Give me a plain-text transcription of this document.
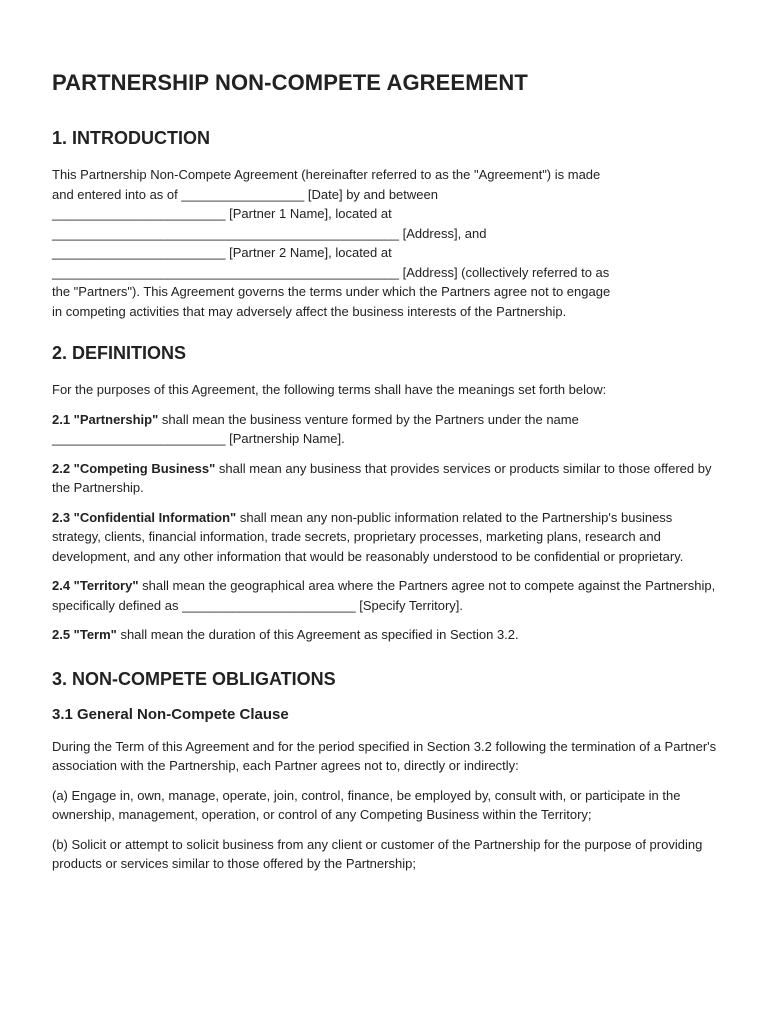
PARTNERSHIP NON-COMPETE AGREEMENT
1. INTRODUCTION

This Partnership Non-Compete Agreement (hereinafter referred to as the "Agreement") is made

and entered into as of _________________ [Date] by and between

________________________ [Partner 1 Name], located at

________________________________________________ [Address], and

________________________ [Partner 2 Name], located at

________________________________________________ [Address] (collectively referred to as

the "Partners"). This Agreement governs the terms under which the Partners agree not to engage

in competing activities that may adversely affect the business interests of the Partnership.

2. DEFINITIONS

For the purposes of this Agreement, the following terms shall have the meanings set forth below:

2.1 "Partnership" shall mean the business venture formed by the Partners under the name ________________________ [Partnership Name].

2.2 "Competing Business" shall mean any business that provides services or products similar to those offered by the Partnership.

2.3 "Confidential Information" shall mean any non-public information related to the Partnership's business strategy, clients, financial information, trade secrets, proprietary processes, marketing plans, research and development, and any other information that would be reasonably understood to be confidential or proprietary.

2.4 "Territory" shall mean the geographical area where the Partners agree not to compete against the Partnership, specifically defined as ________________________ [Specify Territory].

2.5 "Term" shall mean the duration of this Agreement as specified in Section 3.2.

3. NON-COMPETE OBLIGATIONS
3.1 General Non-Compete Clause

During the Term of this Agreement and for the period specified in Section 3.2 following the termination of a Partner's association with the Partnership, each Partner agrees not to, directly or indirectly:

(a) Engage in, own, manage, operate, join, control, finance, be employed by, consult with, or participate in the ownership, management, operation, or control of any Competing Business within the Territory;

(b) Solicit or attempt to solicit business from any client or customer of the Partnership for the purpose of providing products or services similar to those offered by the Partnership;
